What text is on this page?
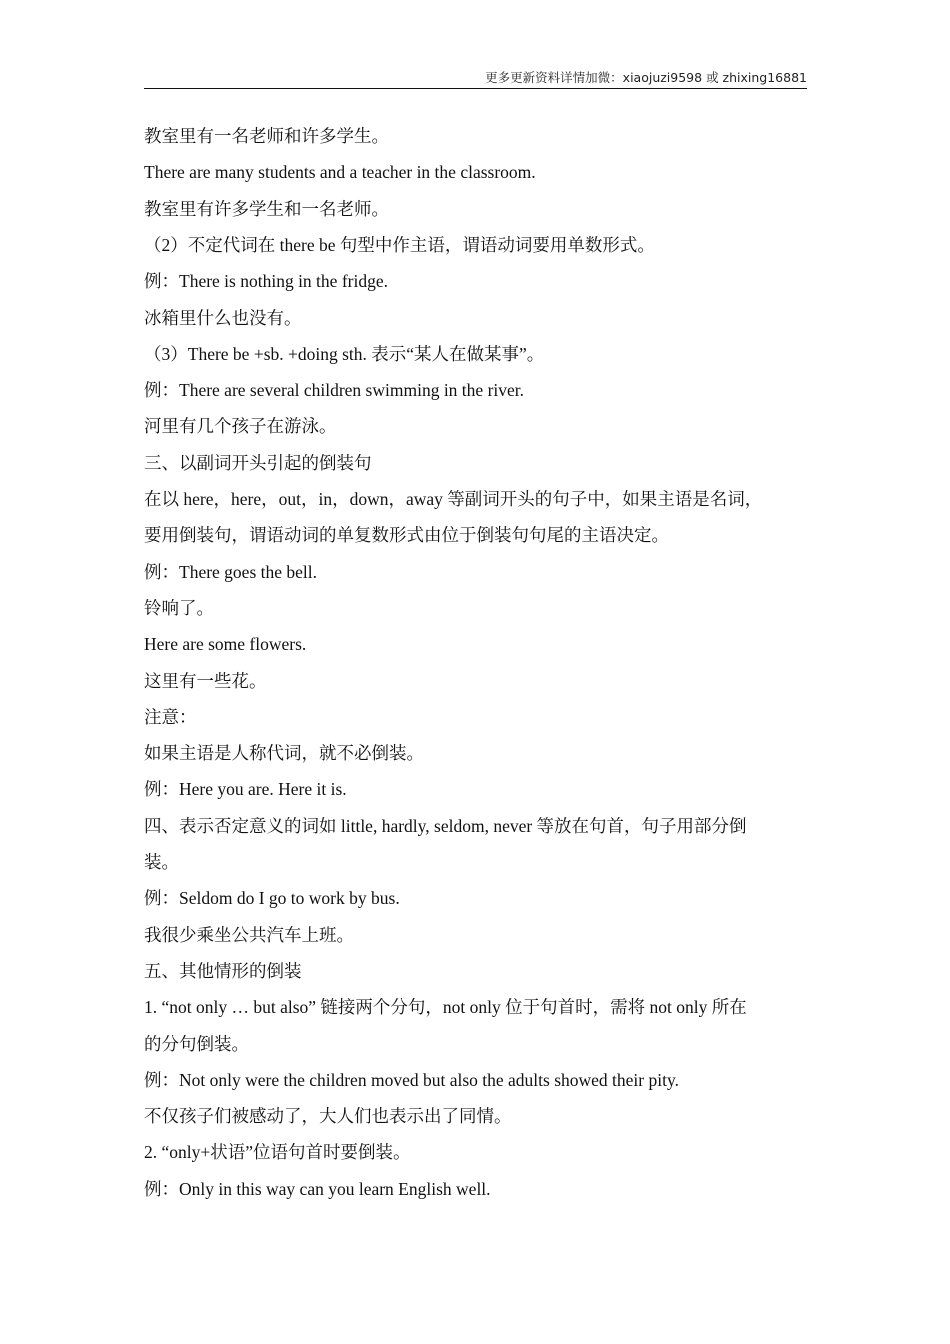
更多更新资料详情加微：xiaojuzi9598 或 zhixing16881
教室里有一名老师和许多学生。
There are many students and a teacher in the classroom.
教室里有许多学生和一名老师。
（2）不定代词在 there be 句型中作主语，谓语动词要用单数形式。
例：There is nothing in the fridge.
冰箱里什么也没有。
（3）There be +sb. +doing sth. 表示“某人在做某事”。
例：There are several children swimming in the river.
河里有几个孩子在游泳。
三、以副词开头引起的倒装句
在以 here，here，out，in，down，away 等副词开头的句子中，如果主语是名词，
要用倒装句，谓语动词的单复数形式由位于倒装句句尾的主语决定。
例：There goes the bell.
铃响了。
Here are some flowers.
这里有一些花。
注意：
如果主语是人称代词，就不必倒装。
例：Here you are. Here it is.
四、表示否定意义的词如 little, hardly, seldom, never 等放在句首，句子用部分倒
装。
例：Seldom do I go to work by bus.
我很少乘坐公共汽车上班。
五、其他情形的倒装
1. “not only … but also” 链接两个分句，not only 位于句首时，需将 not only 所在
的分句倒装。
例：Not only were the children moved but also the adults showed their pity.
不仅孩子们被感动了，大人们也表示出了同情。
2. “only+状语”位语句首时要倒装。
例：Only in this way can you learn English well.
